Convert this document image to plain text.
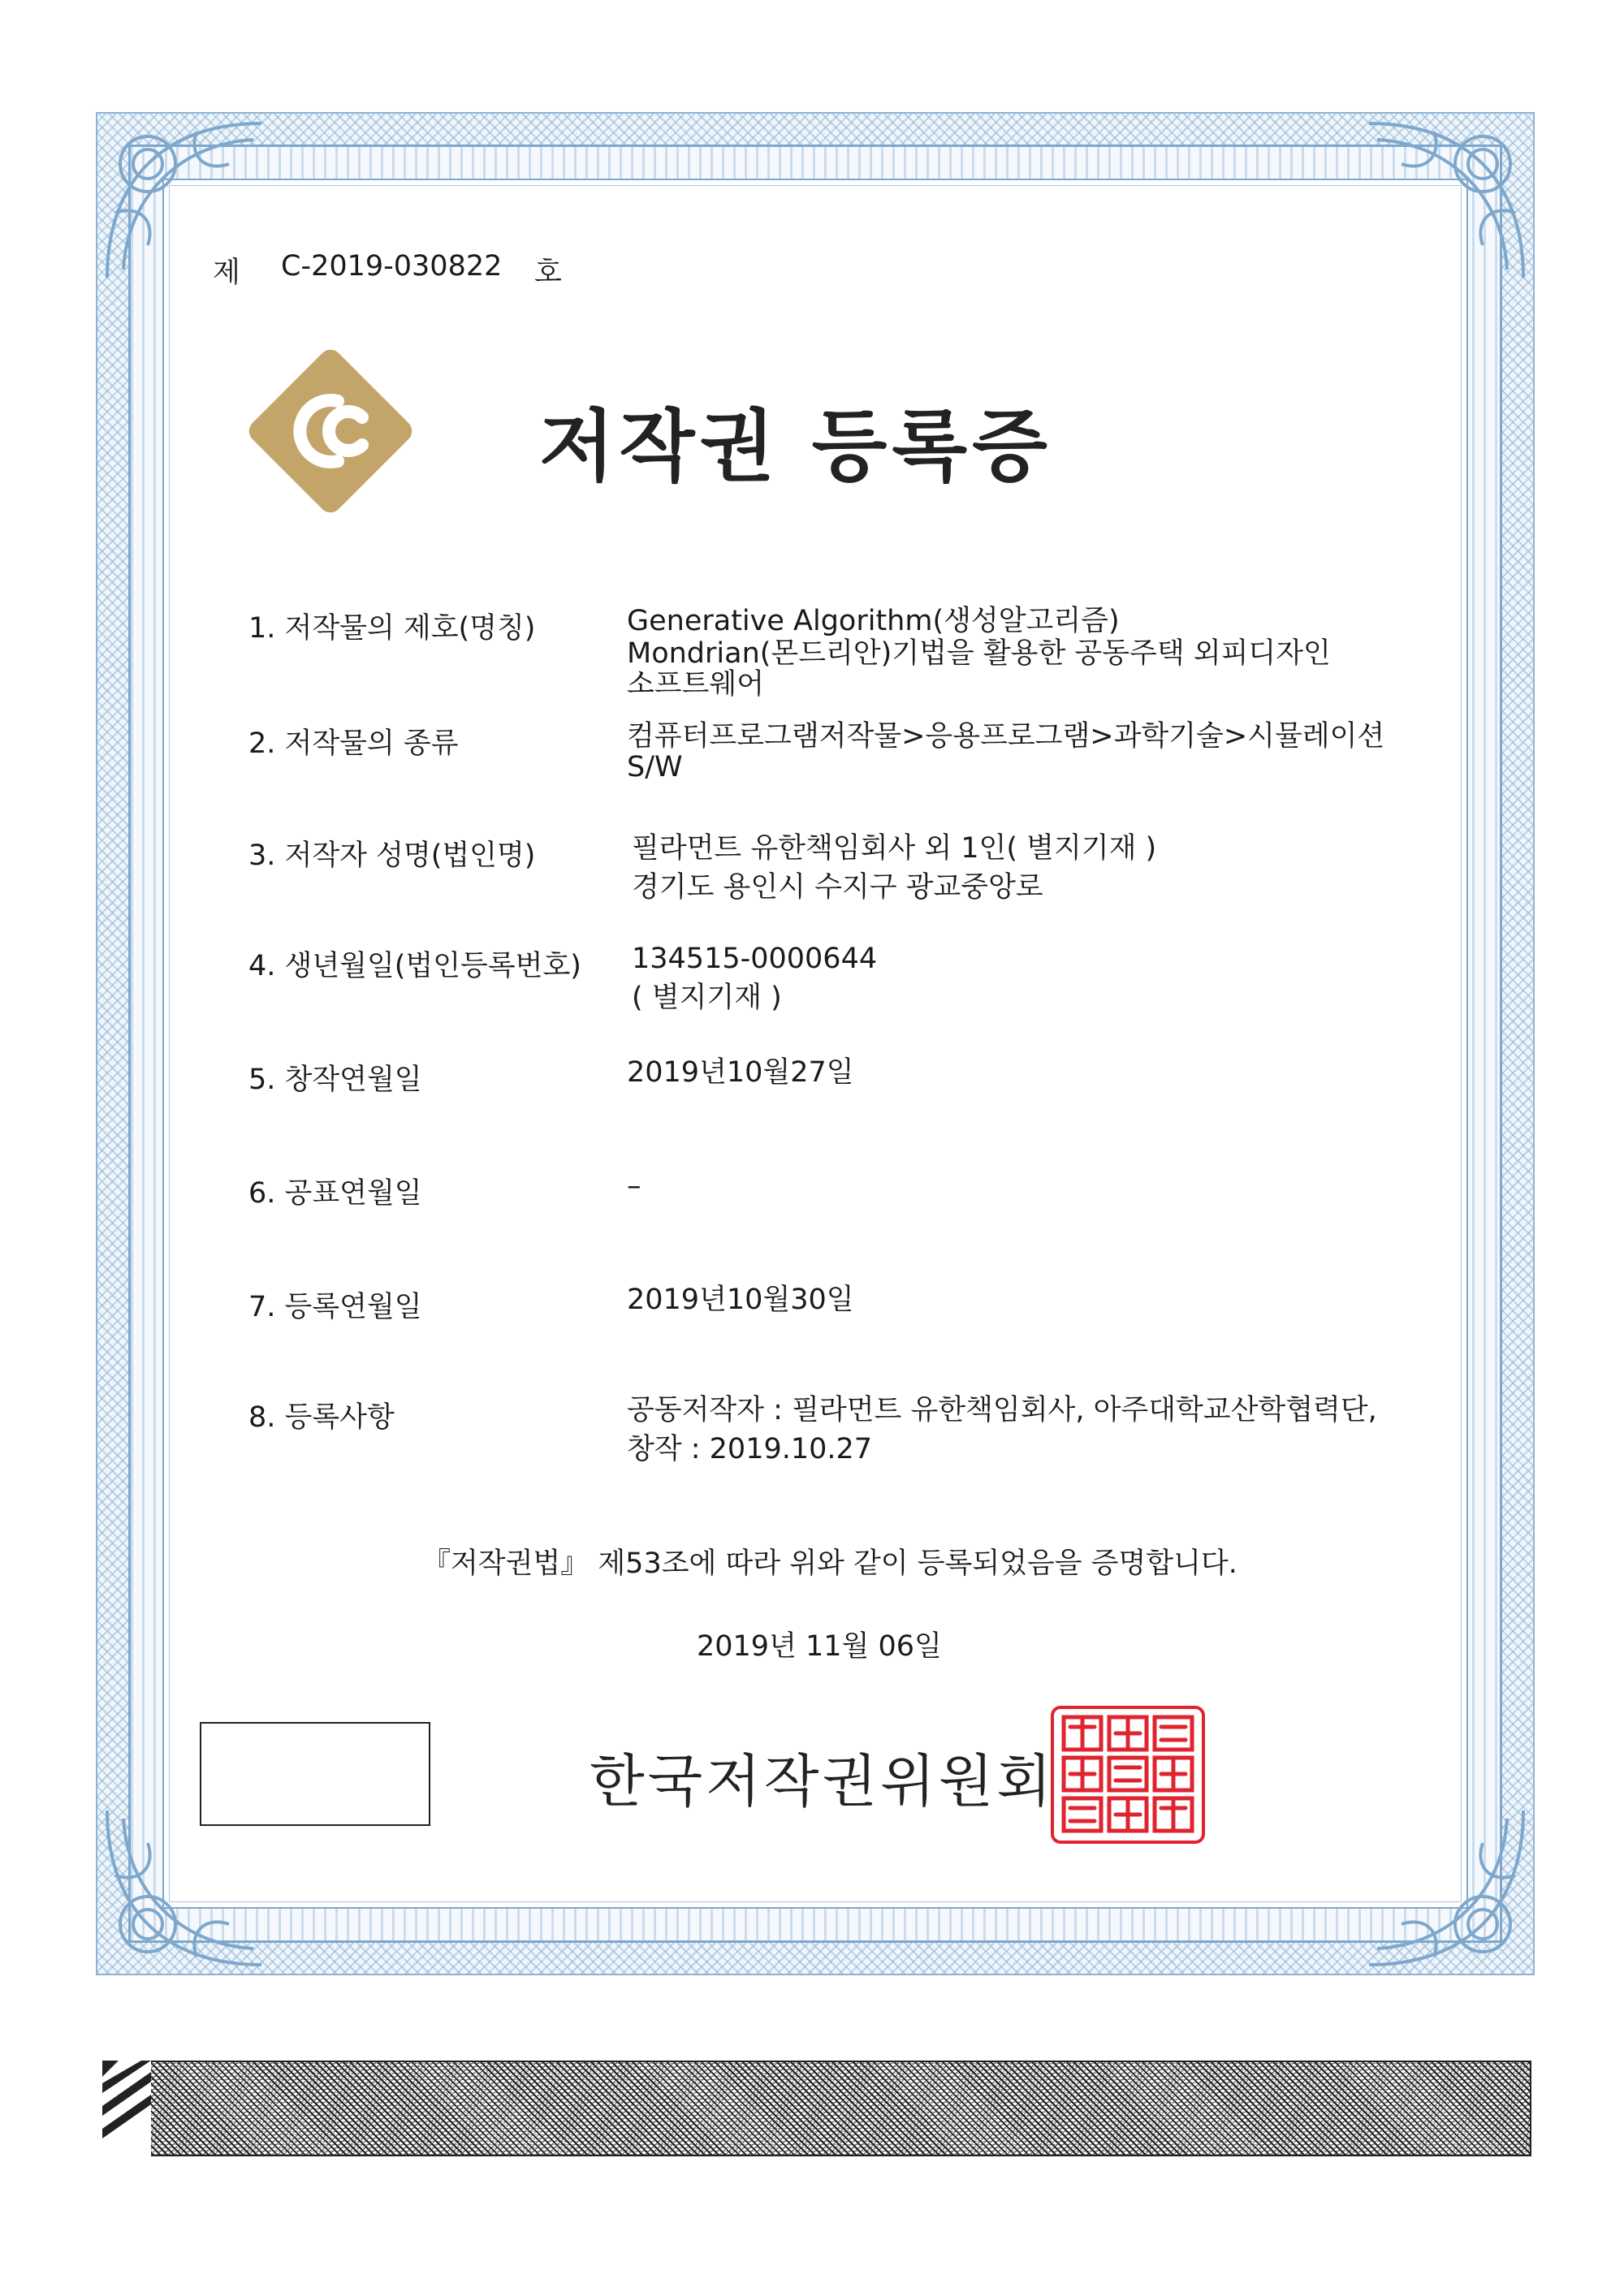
제 C-2019-030822 호
저작권 등록증
1. 저작물의 제호(명칭)	Generative Algorithm(생성알고리즘)
Mondrian(몬드리안)기법을 활용한 공동주택 외피디자인
소프트웨어
2. 저작물의 종류	컴퓨터프로그램저작물>응용프로그램>과학기술>시뮬레이션
S/W
3. 저작자 성명(법인명)	필라먼트 유한책임회사 외 1인( 별지기재 )
경기도 용인시 수지구 광교중앙로
4. 생년월일(법인등록번호) 134515-0000644
( 별지기재 )
5. 창작연월일	2019년10월27일
6. 공표연월일	–
7. 등록연월일	2019년10월30일
8. 등록사항	공동저작자 : 필라먼트 유한책임회사, 아주대학교산학협력단,
창작 : 2019.10.27
『저작권법』 제53조에 따라 위와 같이 등록되었음을 증명합니다.
2019년 11월 06일
한국저작권위원회
